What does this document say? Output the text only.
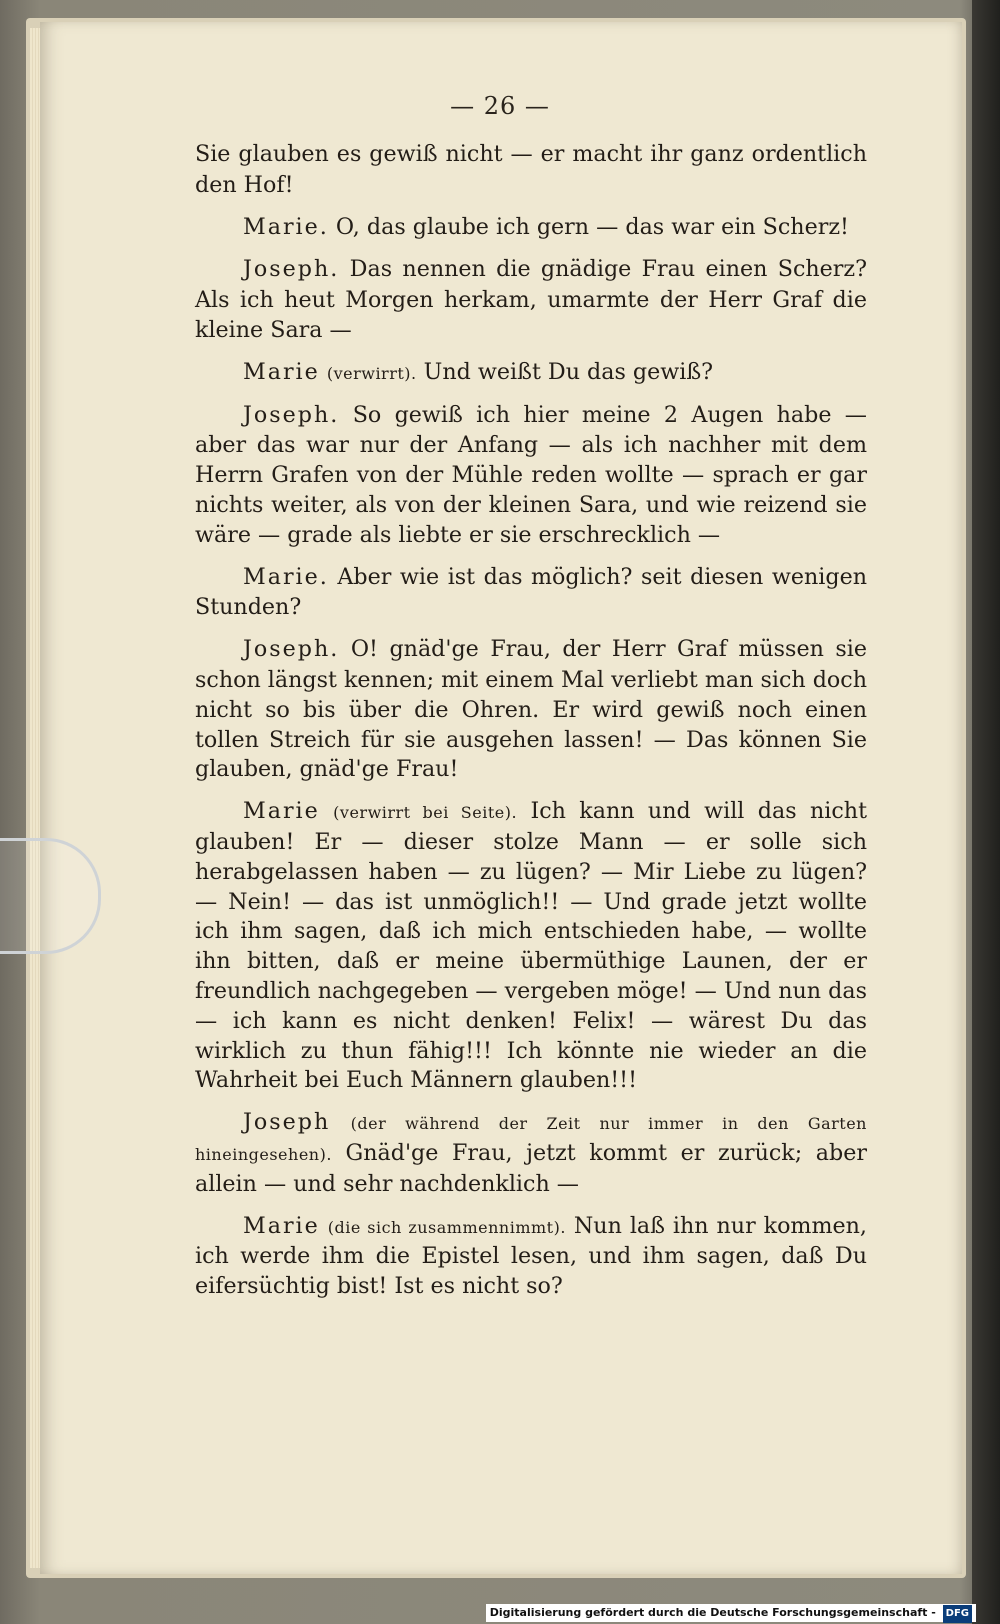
— 26 —

Sie glauben es gewiß nicht — er macht ihr ganz ordentlich den Hof!

Marie. O, das glaube ich gern — das war ein Scherz!

Joseph. Das nennen die gnädige Frau einen Scherz? Als ich heut Morgen herkam, umarmte der Herr Graf die kleine Sara —

Marie (verwirrt). Und weißt Du das gewiß?

Joseph. So gewiß ich hier meine 2 Augen habe — aber das war nur der Anfang — als ich nachher mit dem Herrn Grafen von der Mühle reden wollte — sprach er gar nichts weiter, als von der kleinen Sara, und wie reizend sie wäre — grade als liebte er sie erschrecklich —

Marie. Aber wie ist das möglich? seit diesen wenigen Stunden?

Joseph. O! gnäd'ge Frau, der Herr Graf müssen sie schon längst kennen; mit einem Mal verliebt man sich doch nicht so bis über die Ohren. Er wird gewiß noch einen tollen Streich für sie ausgehen lassen! — Das können Sie glauben, gnäd'ge Frau!

Marie (verwirrt bei Seite). Ich kann und will das nicht glauben! Er — dieser stolze Mann — er solle sich herabgelassen haben — zu lügen? — Mir Liebe zu lügen? — Nein! — das ist unmöglich!! — Und grade jetzt wollte ich ihm sagen, daß ich mich entschieden habe, — wollte ihn bitten, daß er meine übermüthige Launen, der er freundlich nachgegeben — vergeben möge! — Und nun das — ich kann es nicht denken! Felix! — wärest Du das wirklich zu thun fähig!!! Ich könnte nie wieder an die Wahrheit bei Euch Männern glauben!!!

Joseph (der während der Zeit nur immer in den Garten hineingesehen). Gnäd'ge Frau, jetzt kommt er zurück; aber allein — und sehr nachdenklich —

Marie (die sich zusammennimmt). Nun laß ihn nur kommen, ich werde ihm die Epistel lesen, und ihm sagen, daß Du eifersüchtig bist! Ist es nicht so?

Digitalisierung gefördert durch die Deutsche Forschungsgemeinschaft - DFG
